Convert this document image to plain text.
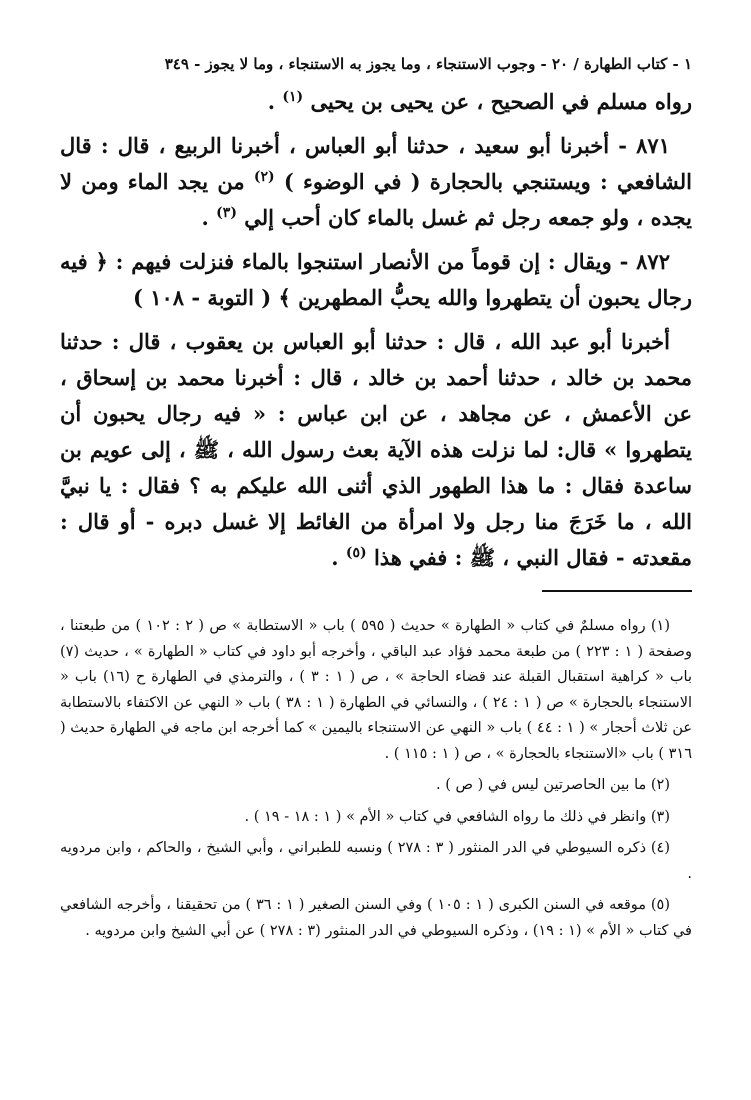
١ - كتاب الطهارة / ٢٠ - وجوب الاستنجاء ، وما يجوز به الاستنجاء ، وما لا يجوز - ٣٤٩

رواه مسلم في الصحيح ، عن يحيى بن يحيى $^{(١)}$ .

٨٧١ - أخبرنا أبو سعيد ، حدثنا أبو العباس ، أخبرنا الربيع ، قال : قال الشافعي : ويستنجي بالحجارة ( في الوضوء ) $^{(٢)}$ من يجد الماء ومن لا يجده ، ولو جمعه رجل ثم غسل بالماء كان أحب إلي $^{(٣)}$ .

٨٧٢ - ويقال : إن قوماً من الأنصار استنجوا بالماء فنزلت فيهم : ﴿ فيه رجال يحبون أن يتطهروا والله يحبُّ المطهرين ﴾ ( التوبة - ١٠٨ )

أخبرنا أبو عبد الله ، قال : حدثنا أبو العباس بن يعقوب ، قال : حدثنا محمد بن خالد ، حدثنا أحمد بن خالد ، قال : أخبرنا محمد بن إسحاق ، عن الأعمش ، عن مجاهد ، عن ابن عباس : « فيه رجال يحبون أن يتطهروا » قال: لما نزلت هذه الآية بعث رسول الله ، ﷺ ، إلى عويم بن ساعدة فقال : ما هذا الطهور الذي أثنى الله عليكم به ؟ فقال : يا نبيَّ الله ، ما خَرَجَ منا رجل ولا امرأة من الغائط إلا غسل دبره - أو قال : مقعدته - فقال النبي ، ﷺ : ففي هذا $^{(٥)}$ .

(١) رواه مسلمٌ في كتاب « الطهارة » حديث ( ٥٩٥ ) باب « الاستطابة » ص ( ٢ : ١٠٢ ) من طبعتنا ، وصفحة ( ١ : ٢٢٣ ) من طبعة محمد فؤاد عبد الباقي ، وأخرجه أبو داود في كتاب « الطهارة » ، حديث (٧) باب « كراهية استقبال القبلة عند قضاء الحاجة » ، ص ( ١ : ٣ ) ، والترمذي في الطهارة ح (١٦) باب « الاستنجاء بالحجارة » ص ( ١ : ٢٤ ) ، والنسائي في الطهارة ( ١ : ٣٨ ) باب « النهي عن الاكتفاء بالاستطابة عن ثلاث أحجار » ( ١ : ٤٤ ) باب « النهي عن الاستنجاء باليمين » كما أخرجه ابن ماجه في الطهارة حديث ( ٣١٦ ) باب «الاستنجاء بالحجارة » ، ص ( ١ : ١١٥ ) .

(٢) ما بين الحاصرتين ليس في ( ص ) .

(٣) وانظر في ذلك ما رواه الشافعي في كتاب « الأم » ( ١ : ١٨ - ١٩ ) .

(٤) ذكره السيوطي في الدر المنثور ( ٣ : ٢٧٨ ) ونسبه للطبراني ، وأبي الشيخ ، والحاكم ، وابن مردويه .

(٥) موقعه في السنن الكبرى ( ١ : ١٠٥ ) وفي السنن الصغير ( ١ : ٣٦ ) من تحقيقنا ، وأخرجه الشافعي في كتاب « الأم » (١ : ١٩) ، وذكره السيوطي في الدر المنثور (٣ : ٢٧٨ ) عن أبي الشيخ وابن مردويه .
